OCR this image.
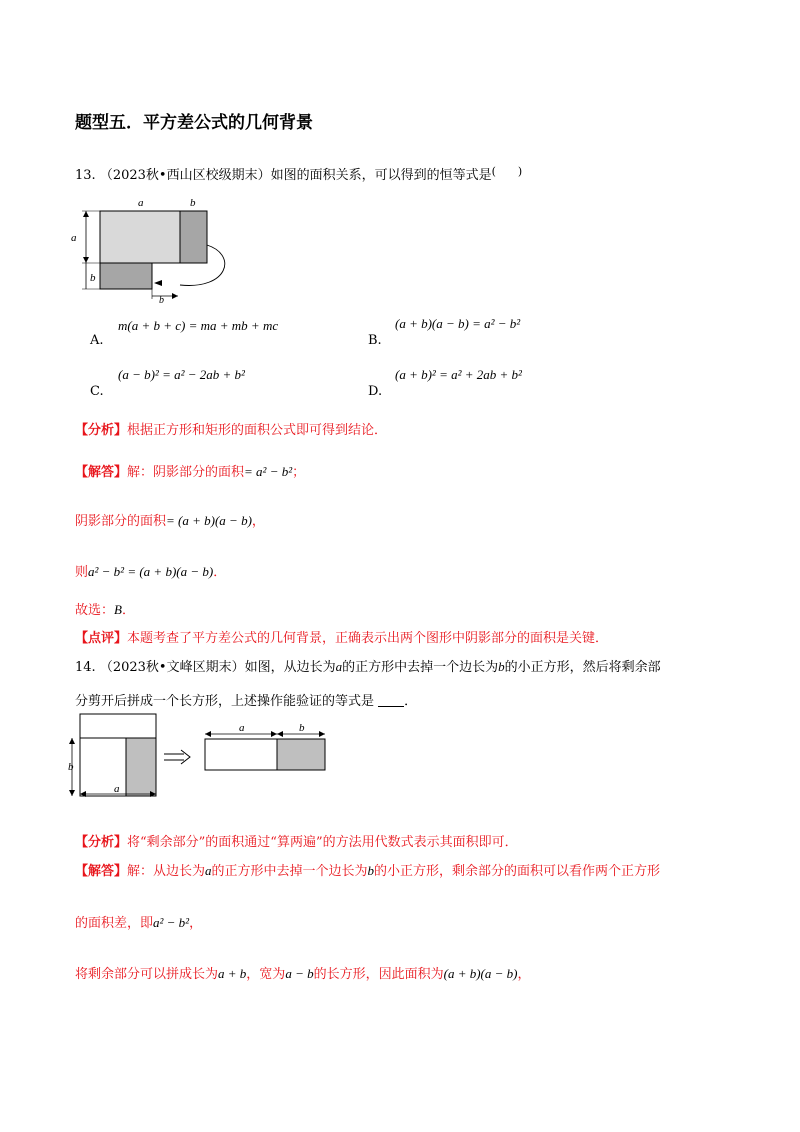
题型五．平方差公式的几何背景
13. （2023秋•西山区校级期末）如图的面积关系，可以得到的恒等式是(　　)
a	b
a
b
b
A.
m(a + b + c) = ma + mb + mc
B.
(a + b)(a − b) = a² − b²
C.
(a − b)² = a² − 2ab + b²
D.
(a + b)² = a² + 2ab + b²
【分析】根据正方形和矩形的面积公式即可得到结论．
【解答】解：阴影部分的面积= a² − b²；
阴影部分的面积= (a + b)(a − b)，
则a² − b² = (a + b)(a − b)．
故选：B．
【点评】本题考查了平方差公式的几何背景，正确表示出两个图形中阴影部分的面积是关键．
14. （2023秋•文峰区期末）如图，从边长为a的正方形中去掉一个边长为b的小正方形，然后将剩余部
分剪开后拼成一个长方形，上述操作能验证的等式是 ．
b
a
a	b
【分析】将“剩余部分”的面积通过“算两遍”的方法用代数式表示其面积即可．
【解答】解：从边长为a的正方形中去掉一个边长为b的小正方形，剩余部分的面积可以看作两个正方形
的面积差，即a² − b²，
将剩余部分可以拼成长为a + b，宽为a − b的长方形，因此面积为(a + b)(a − b)，
